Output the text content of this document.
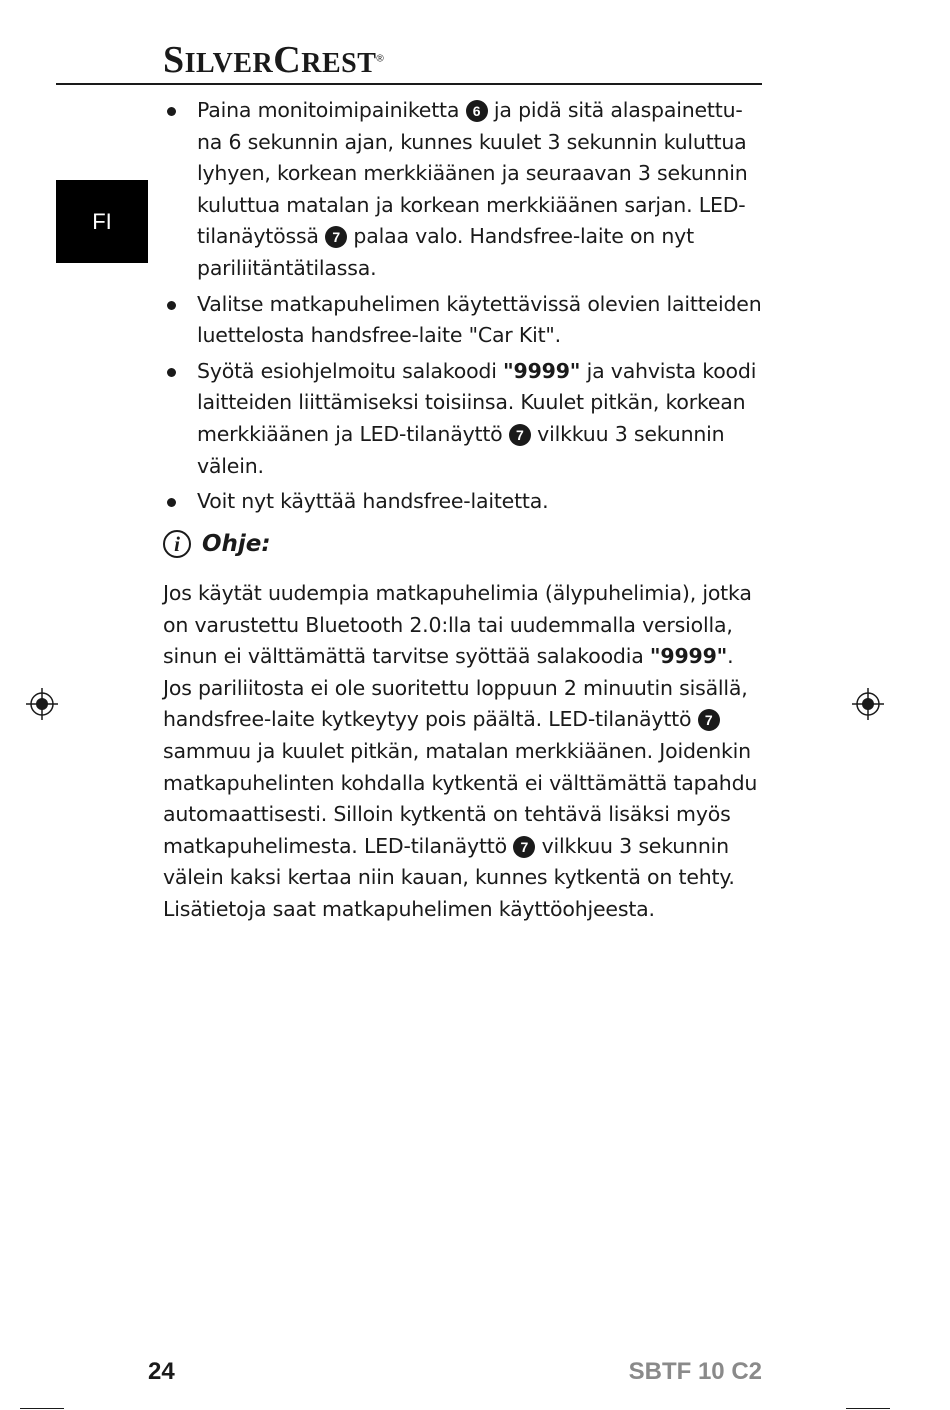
SILVERCREST®
FI
Paina monitoimipainiketta 6 ja pidä sitä alaspainettu-na 6 sekunnin ajan, kunnes kuulet 3 sekunnin kuluttua lyhyen, korkean merkkiäänen ja seuraavan 3 sekunnin kuluttua matalan ja korkean merkkiäänen sarjan. LED-tilanäytössä 7 palaa valo. Handsfree-laite on nyt pariliitäntätilassa.
Valitse matkapuhelimen käytettävissä olevien laitteiden luettelosta handsfree-laite "Car Kit".
Syötä esiohjelmoitu salakoodi "9999" ja vahvista koodi laitteiden liittämiseksi toisiinsa. Kuulet pitkän, korkean merkkiäänen ja LED-tilanäyttö 7 vilkkuu 3 sekunnin välein.
Voit nyt käyttää handsfree-laitetta.
i Ohje:

Jos käytät uudempia matkapuhelimia (älypuhelimia), jotka on varustettu Bluetooth 2.0:lla tai uudemmalla versiolla, sinun ei välttämättä tarvitse syöttää salakoodia "9999". Jos pariliitosta ei ole suoritettu loppuun 2 minuutin sisällä, handsfree-laite kytkeytyy pois päältä. LED-tilanäyttö 7 sammuu ja kuulet pitkän, matalan merkkiäänen. Joidenkin matkapuhelinten kohdalla kytkentä ei välttämättä tapahdu automaattisesti. Silloin kytkentä on tehtävä lisäksi myös matkapuhelimesta. LED-tilanäyttö 7 vilkkuu 3 sekunnin välein kaksi kertaa niin kauan, kunnes kytkentä on tehty. Lisätietoja saat matkapuhelimen käyttöohjeesta.

24	SBTF 10 C2
